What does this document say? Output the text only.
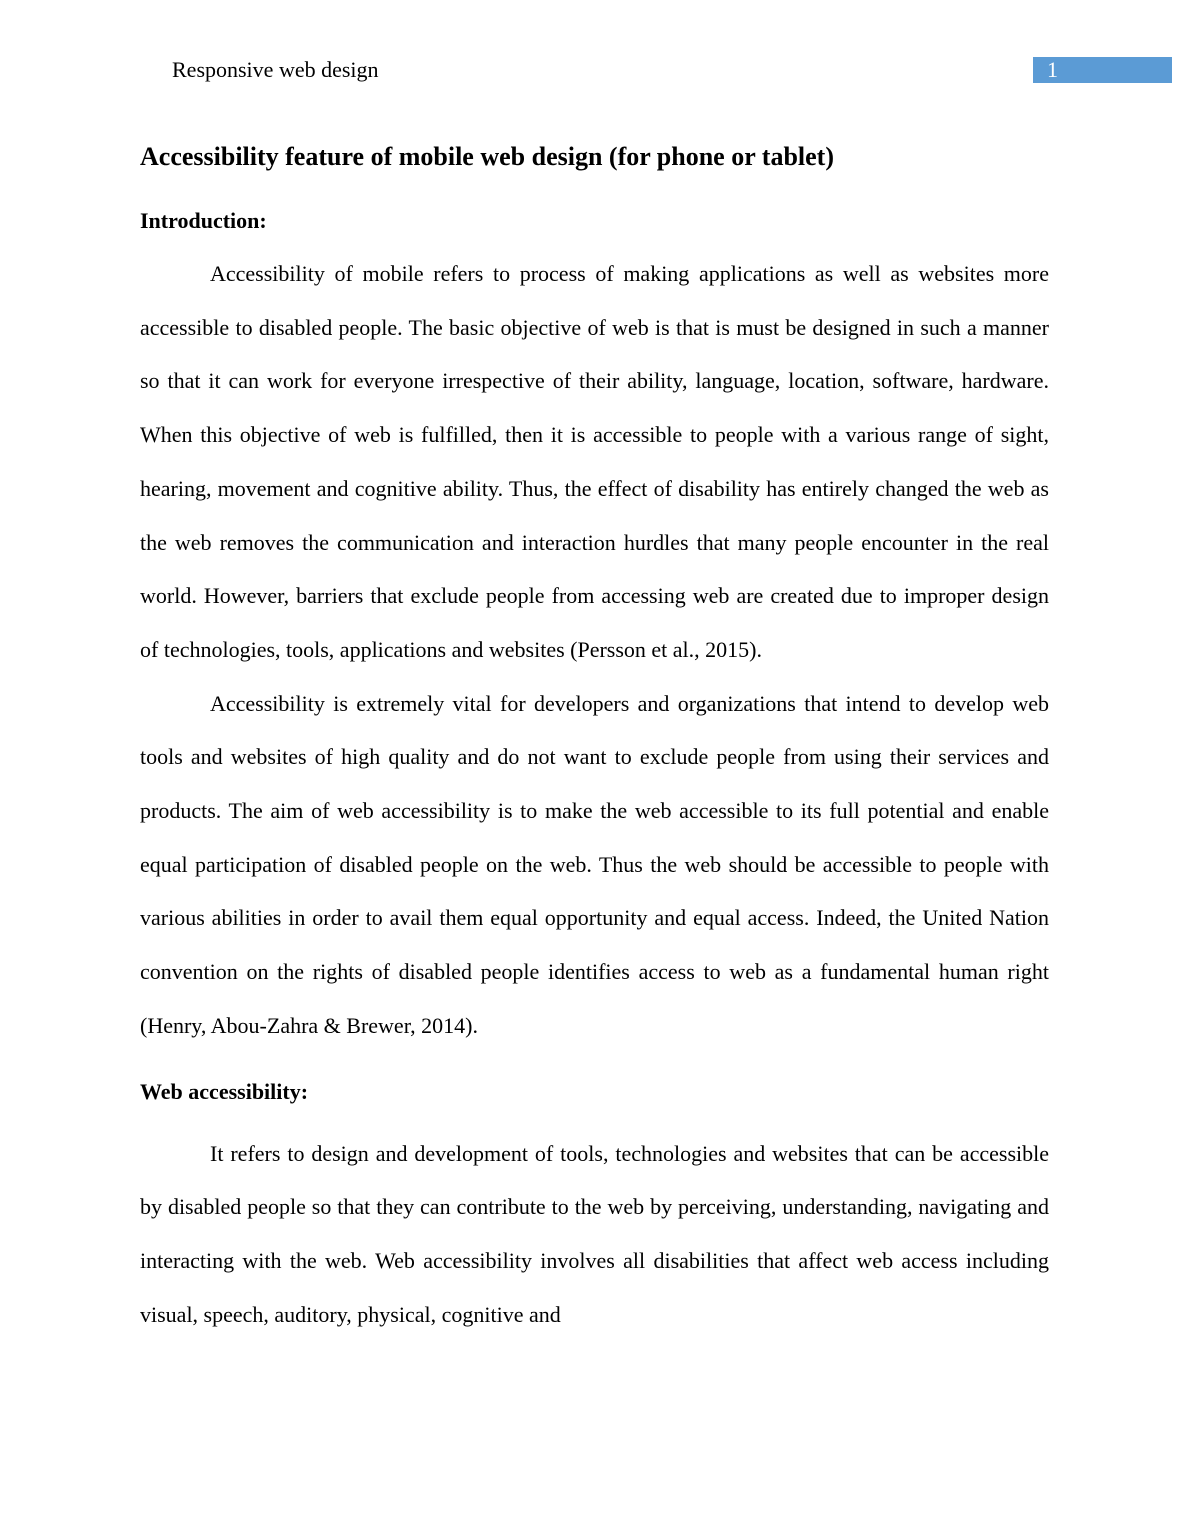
Responsive web design	1
Accessibility feature of mobile web design (for phone or tablet)
Introduction:

Accessibility of mobile refers to process of making applications as well as websites more accessible to disabled people. The basic objective of web is that is must be designed in such a manner so that it can work for everyone irrespective of their ability, language, location, software, hardware. When this objective of web is fulfilled, then it is accessible to people with a various range of sight, hearing, movement and cognitive ability. Thus, the effect of disability has entirely changed the web as the web removes the communication and interaction hurdles that many people encounter in the real world. However, barriers that exclude people from accessing web are created due to improper design of technologies, tools, applications and websites (Persson et al., 2015).

Accessibility is extremely vital for developers and organizations that intend to develop web tools and websites of high quality and do not want to exclude people from using their services and products. The aim of web accessibility is to make the web accessible to its full potential and enable equal participation of disabled people on the web. Thus the web should be accessible to people with various abilities in order to avail them equal opportunity and equal access. Indeed, the United Nation convention on the rights of disabled people identifies access to web as a fundamental human right (Henry, Abou-Zahra & Brewer, 2014).

Web accessibility:

It refers to design and development of tools, technologies and websites that can be accessible by disabled people so that they can contribute to the web by perceiving, understanding, navigating and interacting with the web. Web accessibility involves all disabilities that affect web access including visual, speech, auditory, physical, cognitive and
